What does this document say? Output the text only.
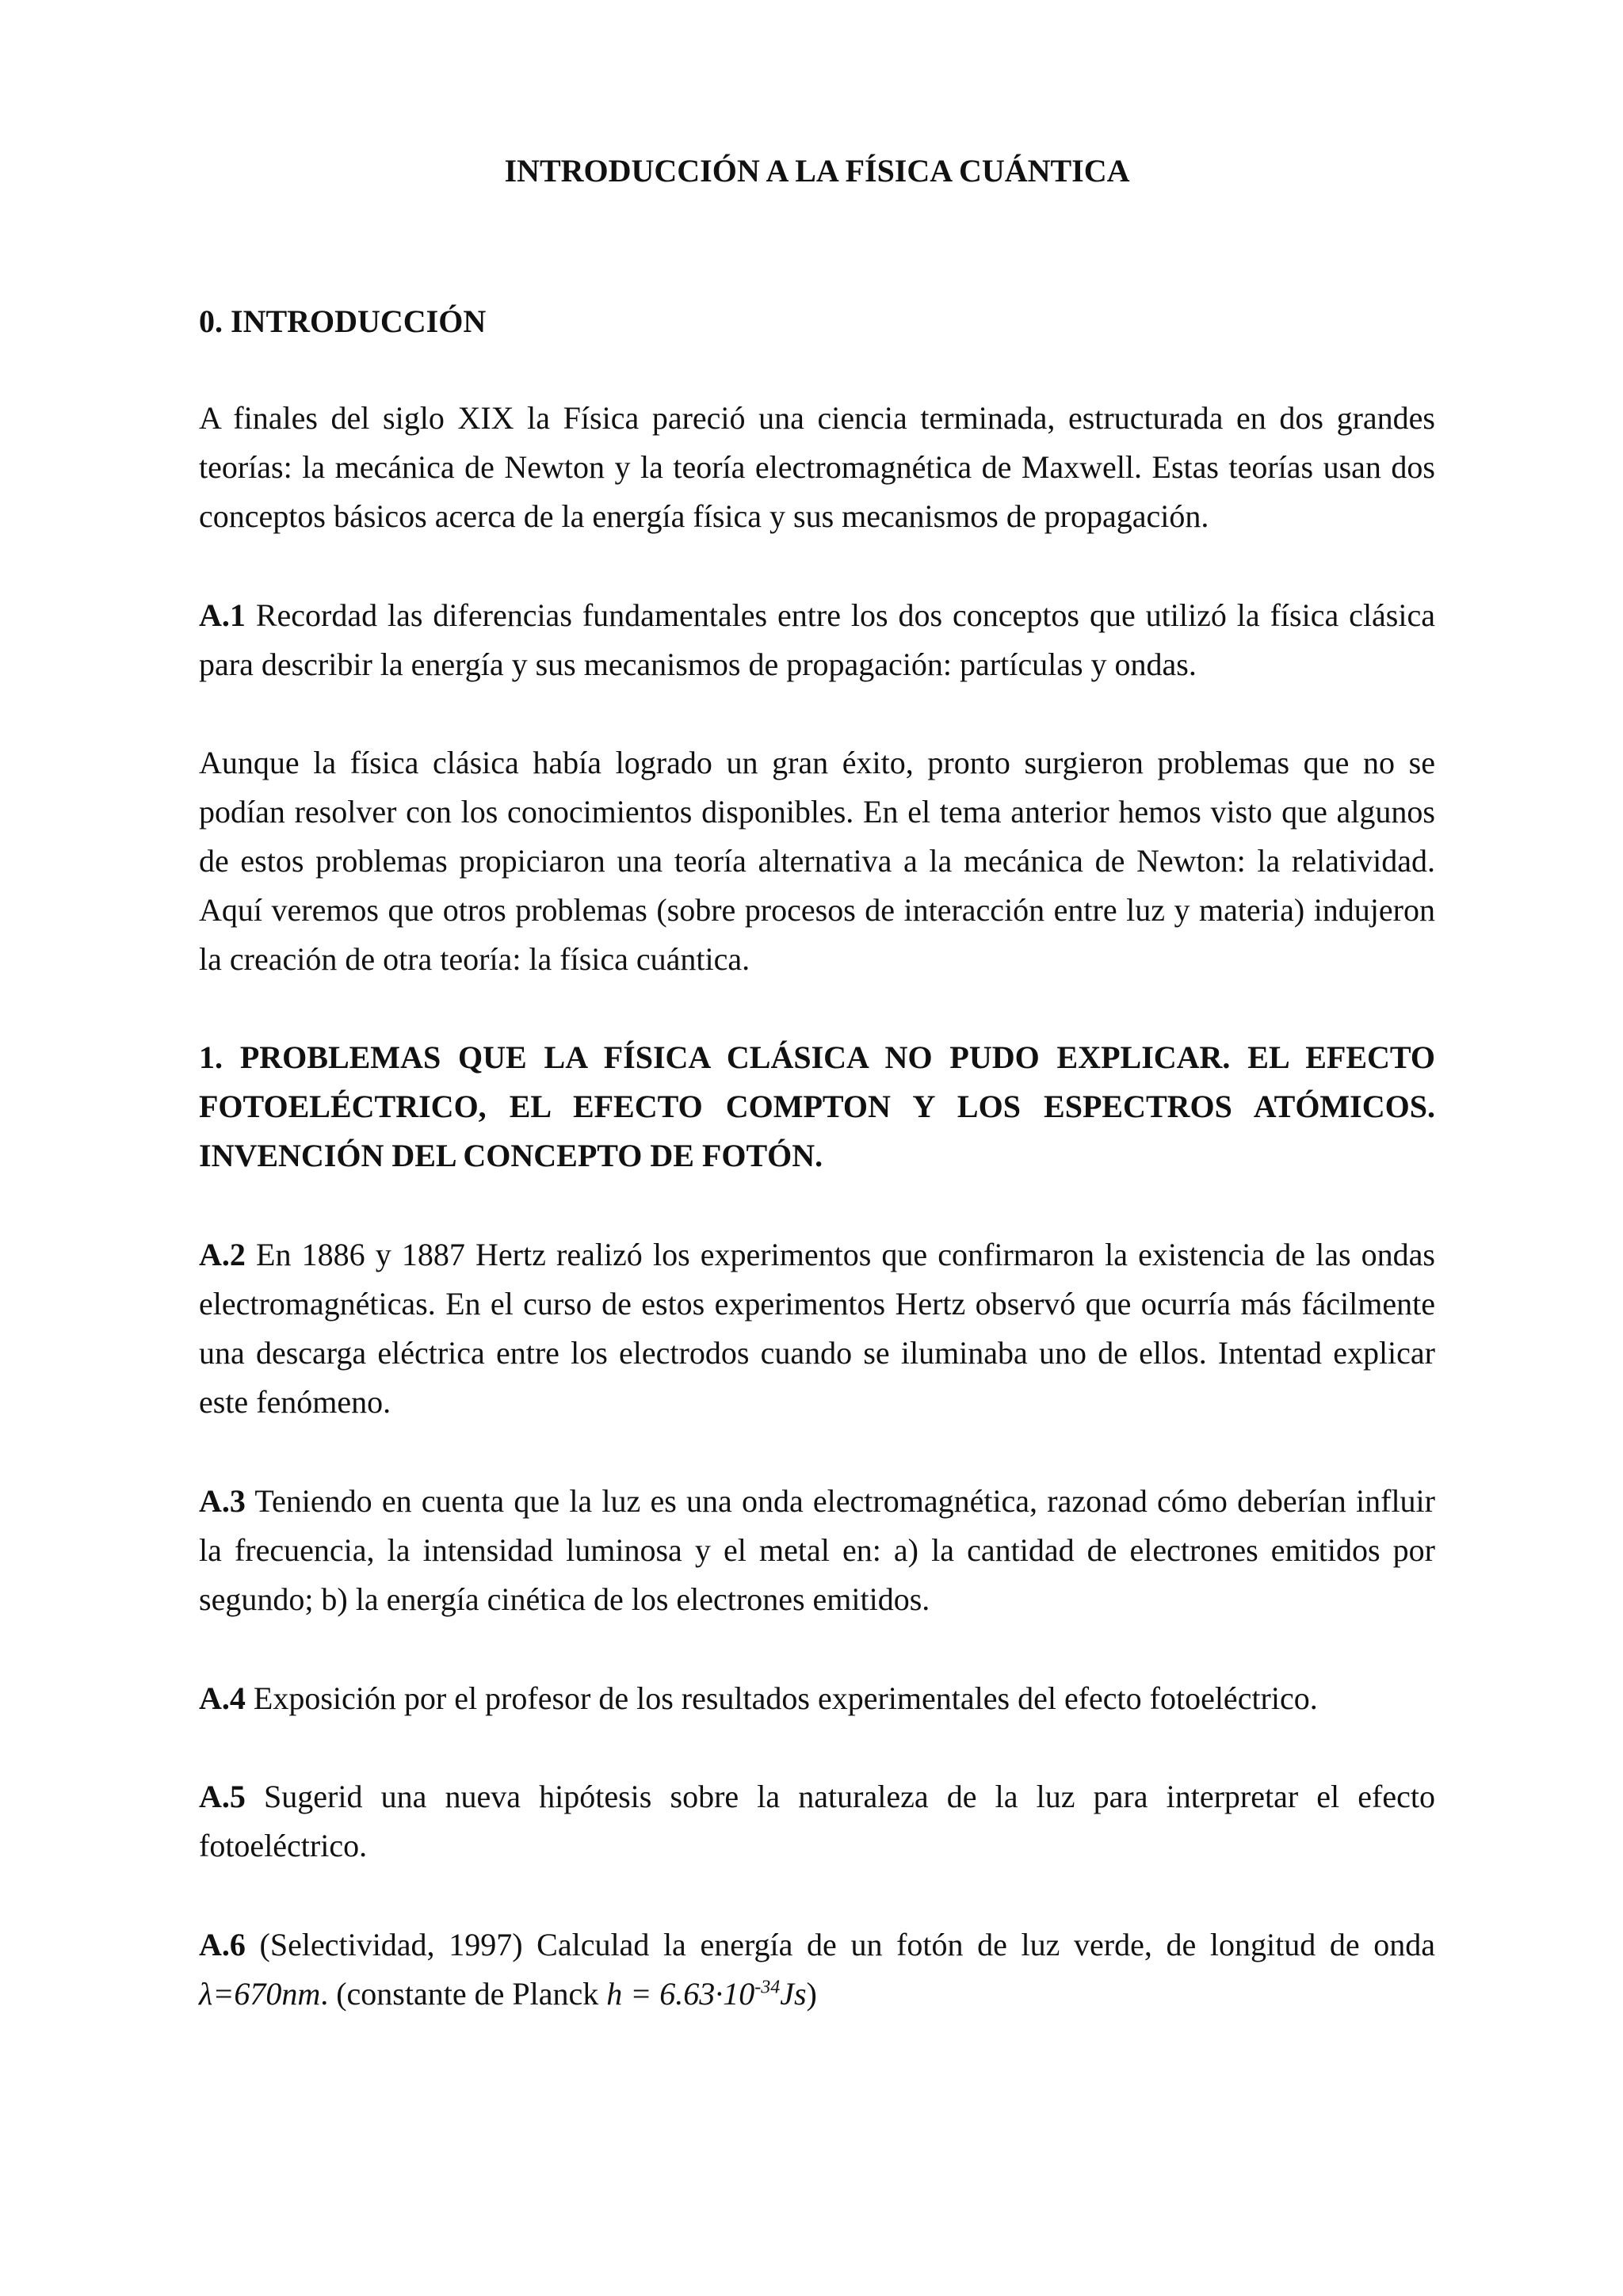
INTRODUCCIÓN A LA FÍSICA CUÁNTICA
0. INTRODUCCIÓN

A finales del siglo XIX la Física pareció una ciencia terminada, estructurada en dos grandes teorías: la mecánica de Newton y la teoría electromagnética de Maxwell. Estas teorías usan dos conceptos básicos acerca de la energía física y sus mecanismos de propagación.

A.1 Recordad las diferencias fundamentales entre los dos conceptos que utilizó la física clásica para describir la energía y sus mecanismos de propagación: partículas y ondas.

Aunque la física clásica había logrado un gran éxito, pronto surgieron problemas que no se podían resolver con los conocimientos disponibles. En el tema anterior hemos visto que algunos de estos problemas propiciaron una teoría alternativa a la mecánica de Newton: la relatividad. Aquí veremos que otros problemas (sobre procesos de interacción entre luz y materia) indujeron la creación de otra teoría: la física cuántica.

1. PROBLEMAS QUE LA FÍSICA CLÁSICA NO PUDO EXPLICAR. EL EFECTO FOTOELÉCTRICO, EL EFECTO COMPTON Y LOS ESPECTROS ATÓMICOS. INVENCIÓN DEL CONCEPTO DE FOTÓN.

A.2 En 1886 y 1887 Hertz realizó los experimentos que confirmaron la existencia de las ondas electromagnéticas. En el curso de estos experimentos Hertz observó que ocurría más fácilmente una descarga eléctrica entre los electrodos cuando se iluminaba uno de ellos. Intentad explicar este fenómeno.

A.3 Teniendo en cuenta que la luz es una onda electromagnética, razonad cómo deberían influir la frecuencia, la intensidad luminosa y el metal en: a) la cantidad de electrones emitidos por segundo; b) la energía cinética de los electrones emitidos.

A.4 Exposición por el profesor de los resultados experimentales del efecto fotoeléctrico.

A.5 Sugerid una nueva hipótesis sobre la naturaleza de la luz para interpretar el efecto fotoeléctrico.

A.6 (Selectividad, 1997) Calculad la energía de un fotón de luz verde, de longitud de onda λ=670nm. (constante de Planck $h = 6.63\cdot 10^{-34}Js$)
